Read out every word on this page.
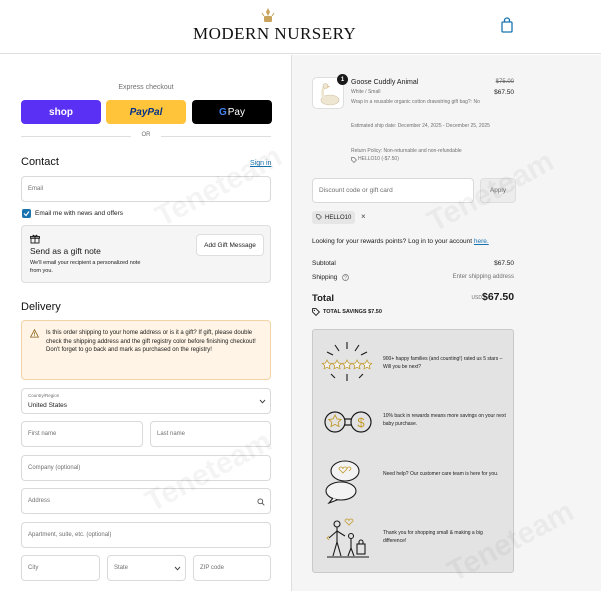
MODERN NURSERY
Express checkout
shop	PayPal	G Pay
OR
Contact	Sign in
Email
Email me with news and offers
Send as a gift note
We'll email your recipient a personalized note from you.
Add Gift Message
Delivery
Is this order shipping to your home address or is it a gift? If gift, please double check the shipping address and the gift registry color before finishing checkout! Don't forget to go back and mark as purchased on the registry!
Country/Region
United States
First name	Last name
Company (optional)
Address
Apartment, suite, etc. (optional)
City	State	ZIP code
1 Goose Cuddly Animal
White / Small
Wrap in a reusable organic cotton drawstring gift bag?: No
Estimated ship date: December 24, 2025 - December 25, 2025
Return Policy: Non-returnable and non-refundable
HELLO10 (-$7.50)
$75.00
$67.50
Discount code or gift card	Apply
HELLO10 ×
Looking for your rewards points? Log in to your account here.
Subtotal	$67.50
Shipping ?	Enter shipping address
Total	USD $67.50
TOTAL SAVINGS $7.50
900+ happy families (and counting!) rated us 5 stars – Will you be next?
$	10% back in rewards means more savings on your next baby purchase.
Need help? Our customer care team is here for you.
Thank you for shopping small & making a big difference!
